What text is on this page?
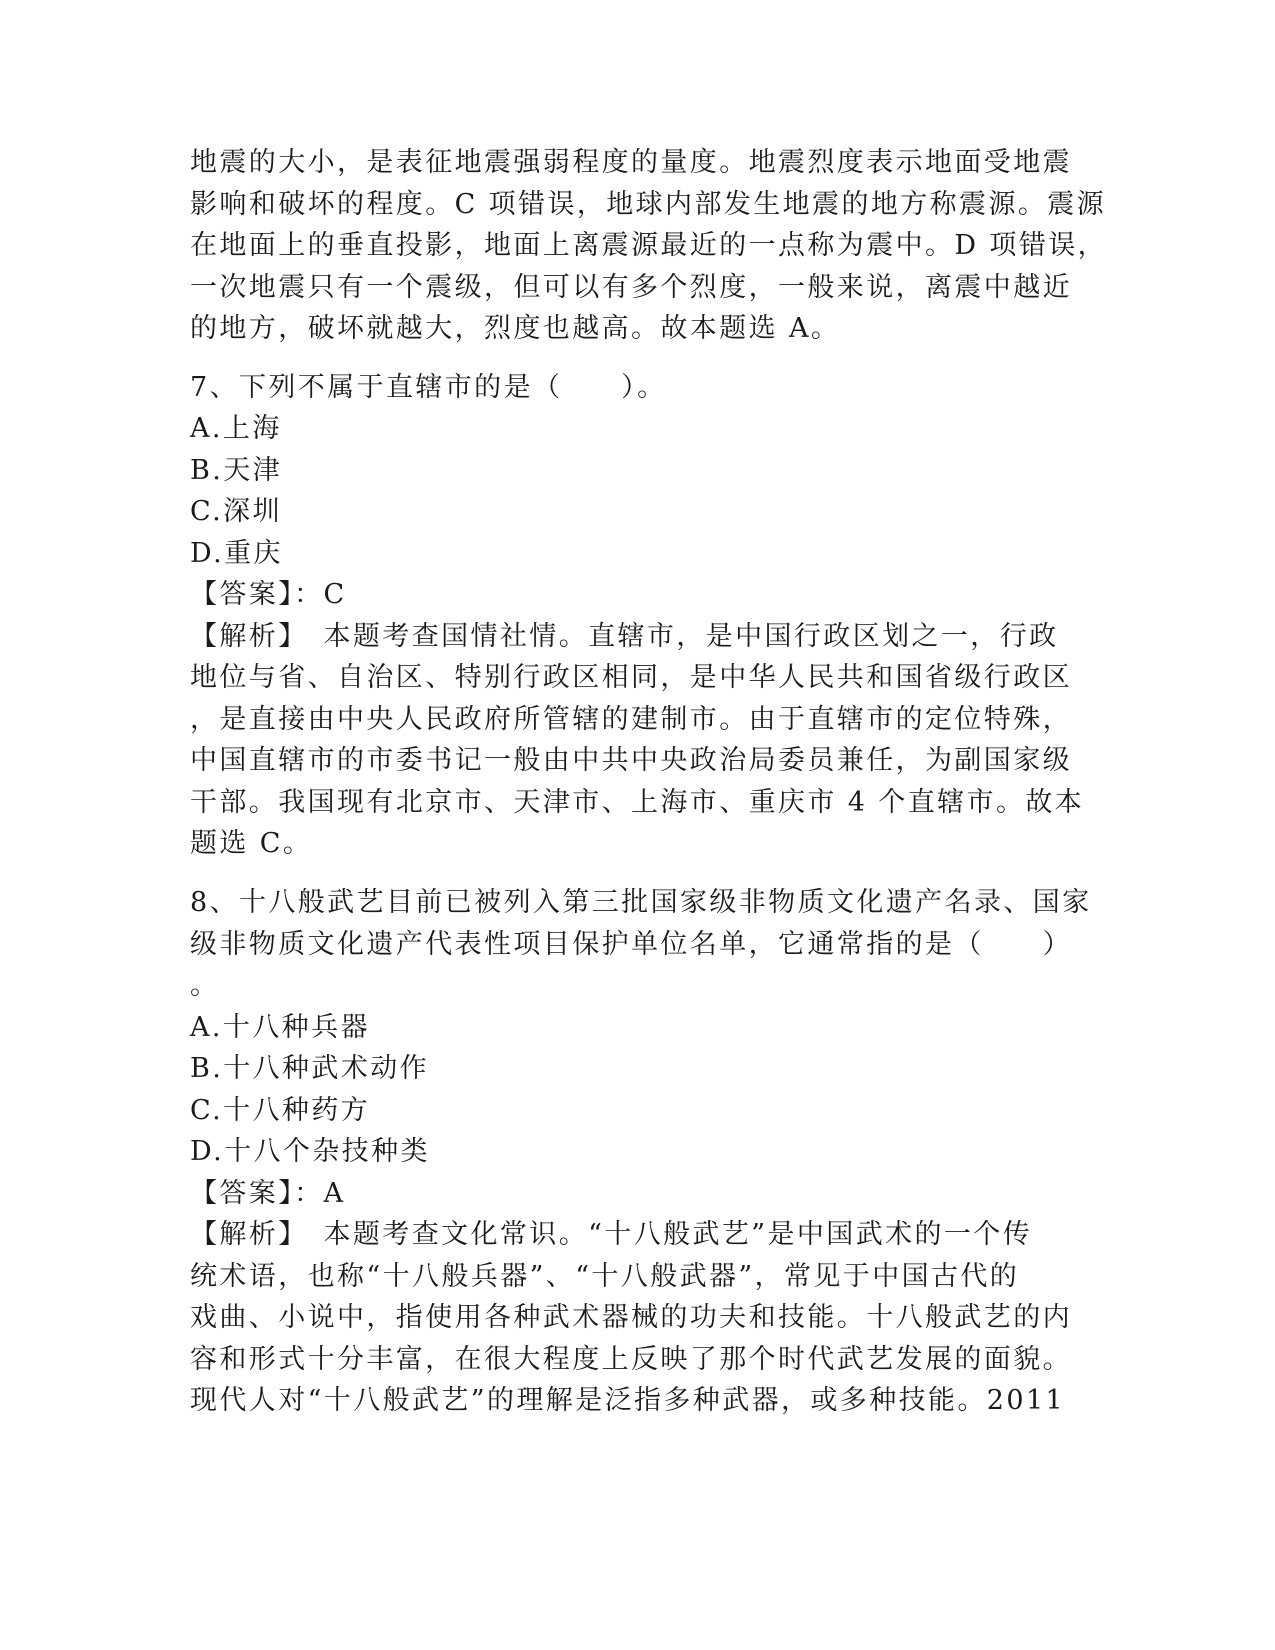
地震的大小，是表征地震强弱程度的量度。地震烈度表示地面受地震

影响和破坏的程度。C 项错误，地球内部发生地震的地方称震源。震源

在地面上的垂直投影，地面上离震源最近的一点称为震中。D 项错误，

一次地震只有一个震级，但可以有多个烈度，一般来说，离震中越近

的地方，破坏就越大，烈度也越高。故本题选 A。

7、下列不属于直辖市的是（　　）。

A.上海

B.天津

C.深圳

D.重庆

【答案】：C

【解析】　本题考查国情社情。直辖市，是中国行政区划之一，行政

地位与省、自治区、特别行政区相同，是中华人民共和国省级行政区

，是直接由中央人民政府所管辖的建制市。由于直辖市的定位特殊，

中国直辖市的市委书记一般由中共中央政治局委员兼任，为副国家级

干部。我国现有北京市、天津市、上海市、重庆市 4 个直辖市。故本

题选 C。

8、十八般武艺目前已被列入第三批国家级非物质文化遗产名录、国家

级非物质文化遗产代表性项目保护单位名单，它通常指的是（　　）

。

A.十八种兵器

B.十八种武术动作

C.十八种药方

D.十八个杂技种类

【答案】：A

【解析】　本题考查文化常识。“十八般武艺”是中国武术的一个传

统术语，也称“十八般兵器”、“十八般武器”，常见于中国古代的

戏曲、小说中，指使用各种武术器械的功夫和技能。十八般武艺的内

容和形式十分丰富，在很大程度上反映了那个时代武艺发展的面貌。

现代人对“十八般武艺”的理解是泛指多种武器，或多种技能。2011
